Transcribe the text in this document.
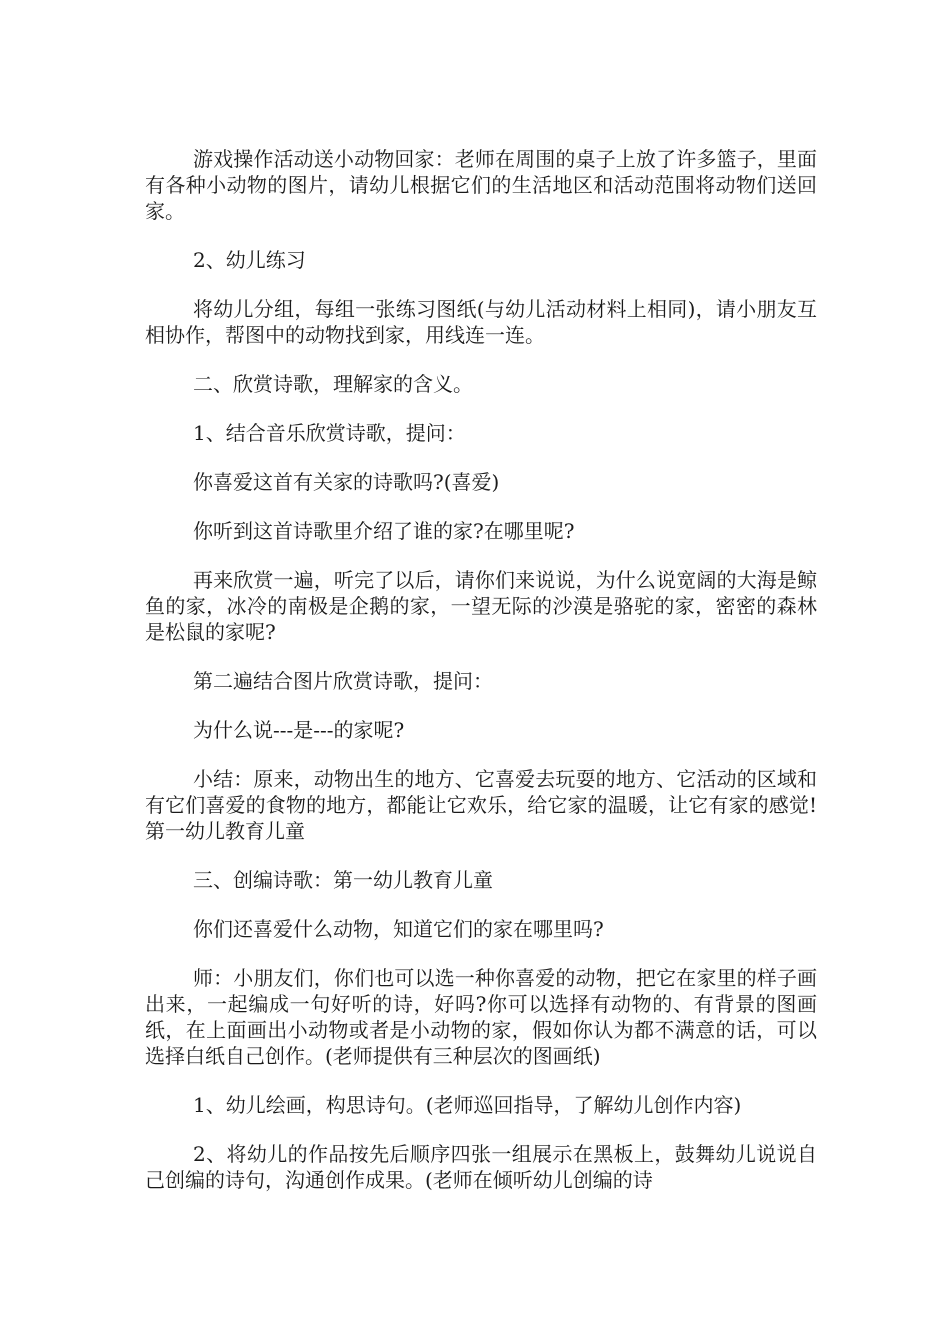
游戏操作活动送小动物回家：老师在周围的桌子上放了许多篮子，里面有各种小动物的图片，请幼儿根据它们的生活地区和活动范围将动物们送回家。

2、幼儿练习

将幼儿分组，每组一张练习图纸(与幼儿活动材料上相同)，请小朋友互相协作，帮图中的动物找到家，用线连一连。

二、欣赏诗歌，理解家的含义。

1、结合音乐欣赏诗歌，提问：

你喜爱这首有关家的诗歌吗?(喜爱)

你听到这首诗歌里介绍了谁的家?在哪里呢?

再来欣赏一遍，听完了以后，请你们来说说，为什么说宽阔的大海是鲸鱼的家，冰冷的南极是企鹅的家，一望无际的沙漠是骆驼的家，密密的森林是松鼠的家呢?

第二遍结合图片欣赏诗歌，提问：

为什么说---是---的家呢?

小结：原来，动物出生的地方、它喜爱去玩耍的地方、它活动的区域和有它们喜爱的食物的地方，都能让它欢乐，给它家的温暖，让它有家的感觉!第一幼儿教育儿童

三、创编诗歌：第一幼儿教育儿童

你们还喜爱什么动物，知道它们的家在哪里吗?

师：小朋友们，你们也可以选一种你喜爱的动物，把它在家里的样子画出来，一起编成一句好听的诗，好吗?你可以选择有动物的、有背景的图画纸，在上面画出小动物或者是小动物的家，假如你认为都不满意的话，可以选择白纸自己创作。(老师提供有三种层次的图画纸)

1、幼儿绘画，构思诗句。(老师巡回指导，了解幼儿创作内容)

2、将幼儿的作品按先后顺序四张一组展示在黑板上，鼓舞幼儿说说自己创编的诗句，沟通创作成果。(老师在倾听幼儿创编的诗
